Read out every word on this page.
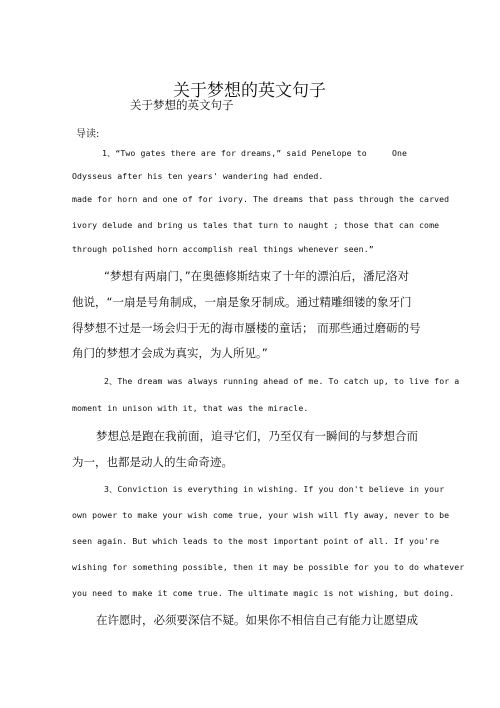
关于梦想的英文句子
关于梦想的英文句子
导读:
1、“Two gates there are for dreams,” said Penelope to	One
Odysseus after his ten years' wandering had ended.
made for horn and one of for ivory. The dreams that pass through the carved
ivory delude and bring us tales that turn to naught ; those that can come
through polished horn accomplish real things whenever seen.”
“梦想有两扇门，”在奥德修斯结束了十年的漂泊后，潘尼洛对
他说，“一扇是号角制成，一扇是象牙制成。通过精雕细镂的象牙门
得梦想不过是一场会归于无的海市蜃楼的童话； 而那些通过磨砺的号
角门的梦想才会成为真实，为人所见。”
2、The dream was always running ahead of me. To catch up, to live for a
moment in unison with it, that was the miracle.
梦想总是跑在我前面，追寻它们，乃至仅有一瞬间的与梦想合而
为一，也都是动人的生命奇迹。
3、Conviction is everything in wishing. If you don't believe in your
own power to make your wish come true, your wish will fly away, never to be
seen again. But which leads to the most important point of all. If you're
wishing for something possible, then it may be possible for you to do whatever
you need to make it come true. The ultimate magic is not wishing, but doing.
在许愿时，必须要深信不疑。如果你不相信自己有能力让愿望成
